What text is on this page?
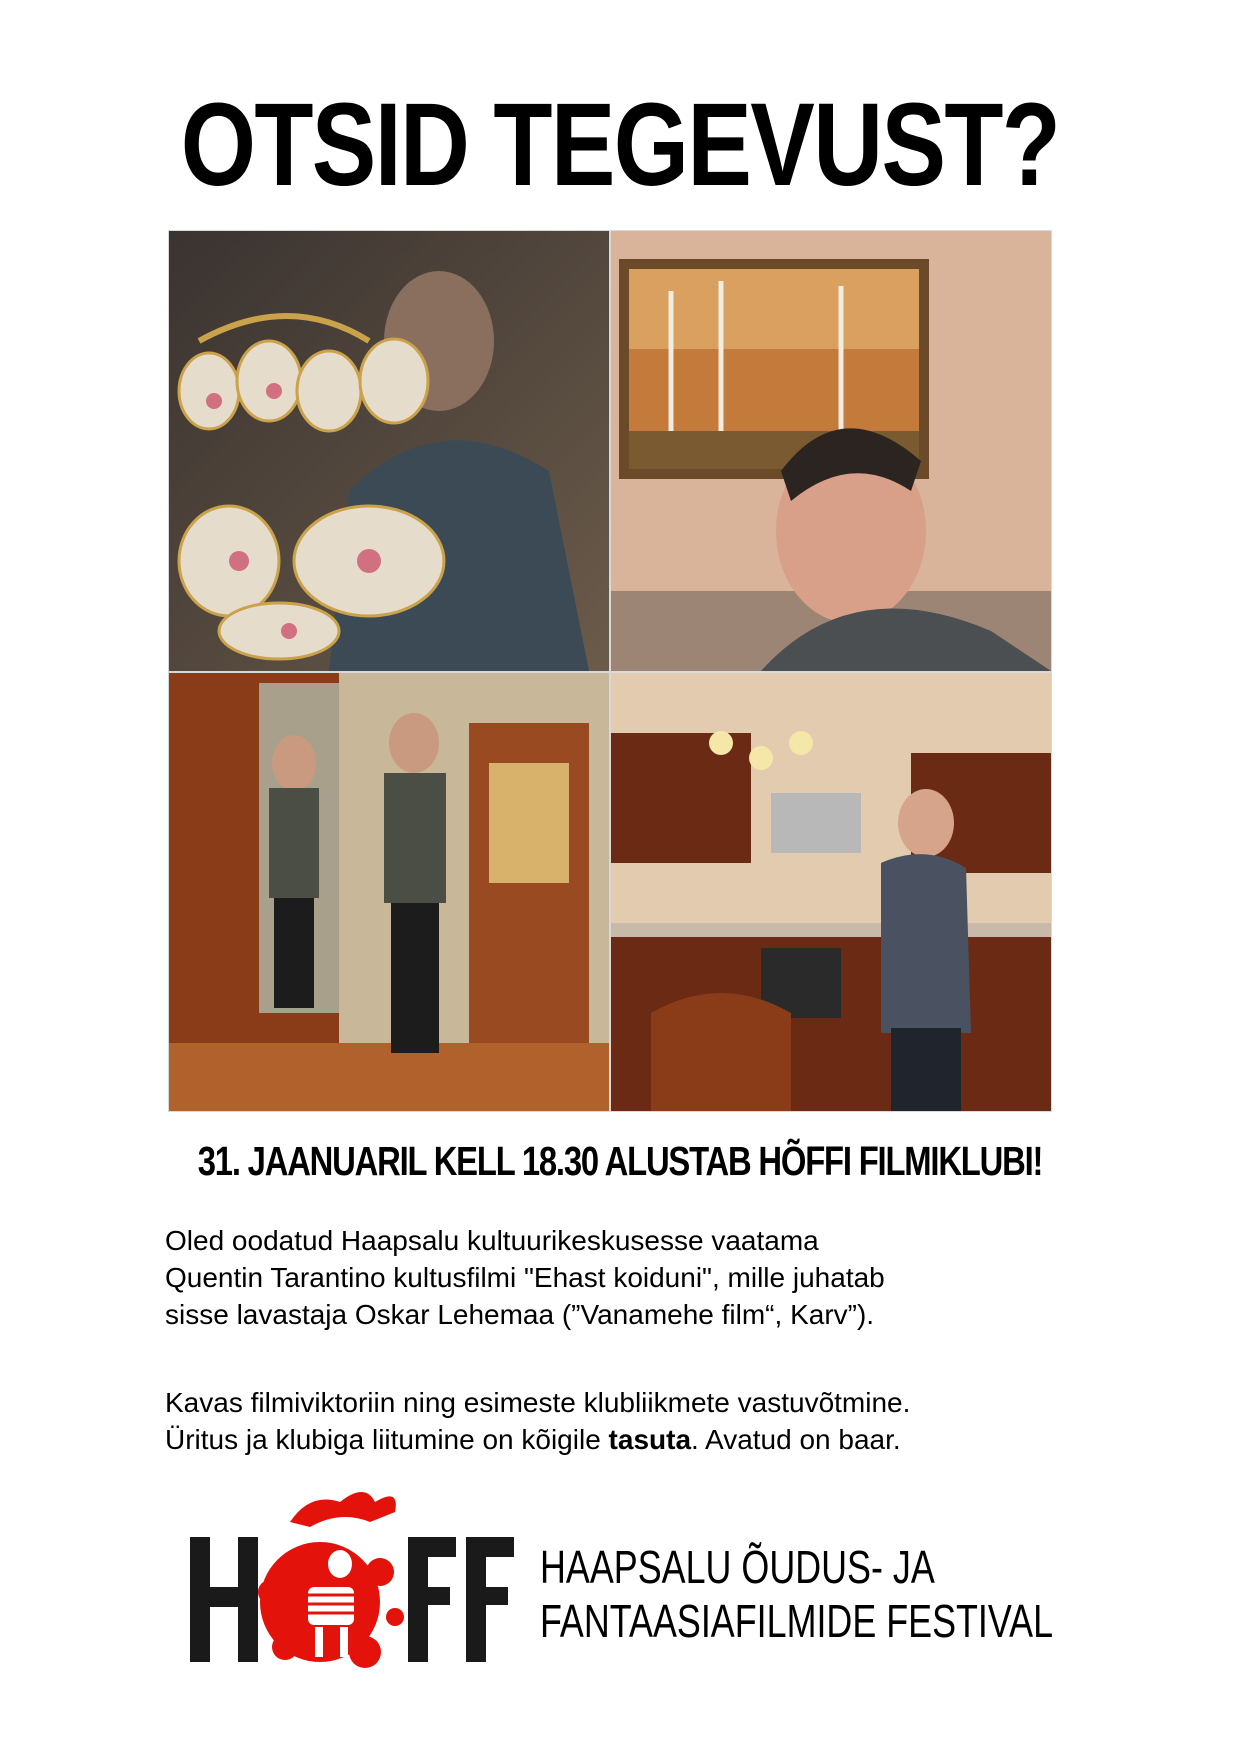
OTSID TEGEVUST?
31. JAANUARIL KELL 18.30 ALUSTAB HÕFFI FILMIKLUBI!

Oled oodatud Haapsalu kultuurikeskusesse vaatama
Quentin Tarantino kultusfilmi "Ehast koiduni", mille juhatab
sisse lavastaja Oskar Lehemaa (”Vanamehe film“, Karv”).

Kavas filmiviktoriin ning esimeste klubliikmete vastuvõtmine.
Üritus ja klubiga liitumine on kõigile tasuta. Avatud on baar.

HAAPSALU ÕUDUS- JA
FANTAASIAFILMIDE FESTIVAL
